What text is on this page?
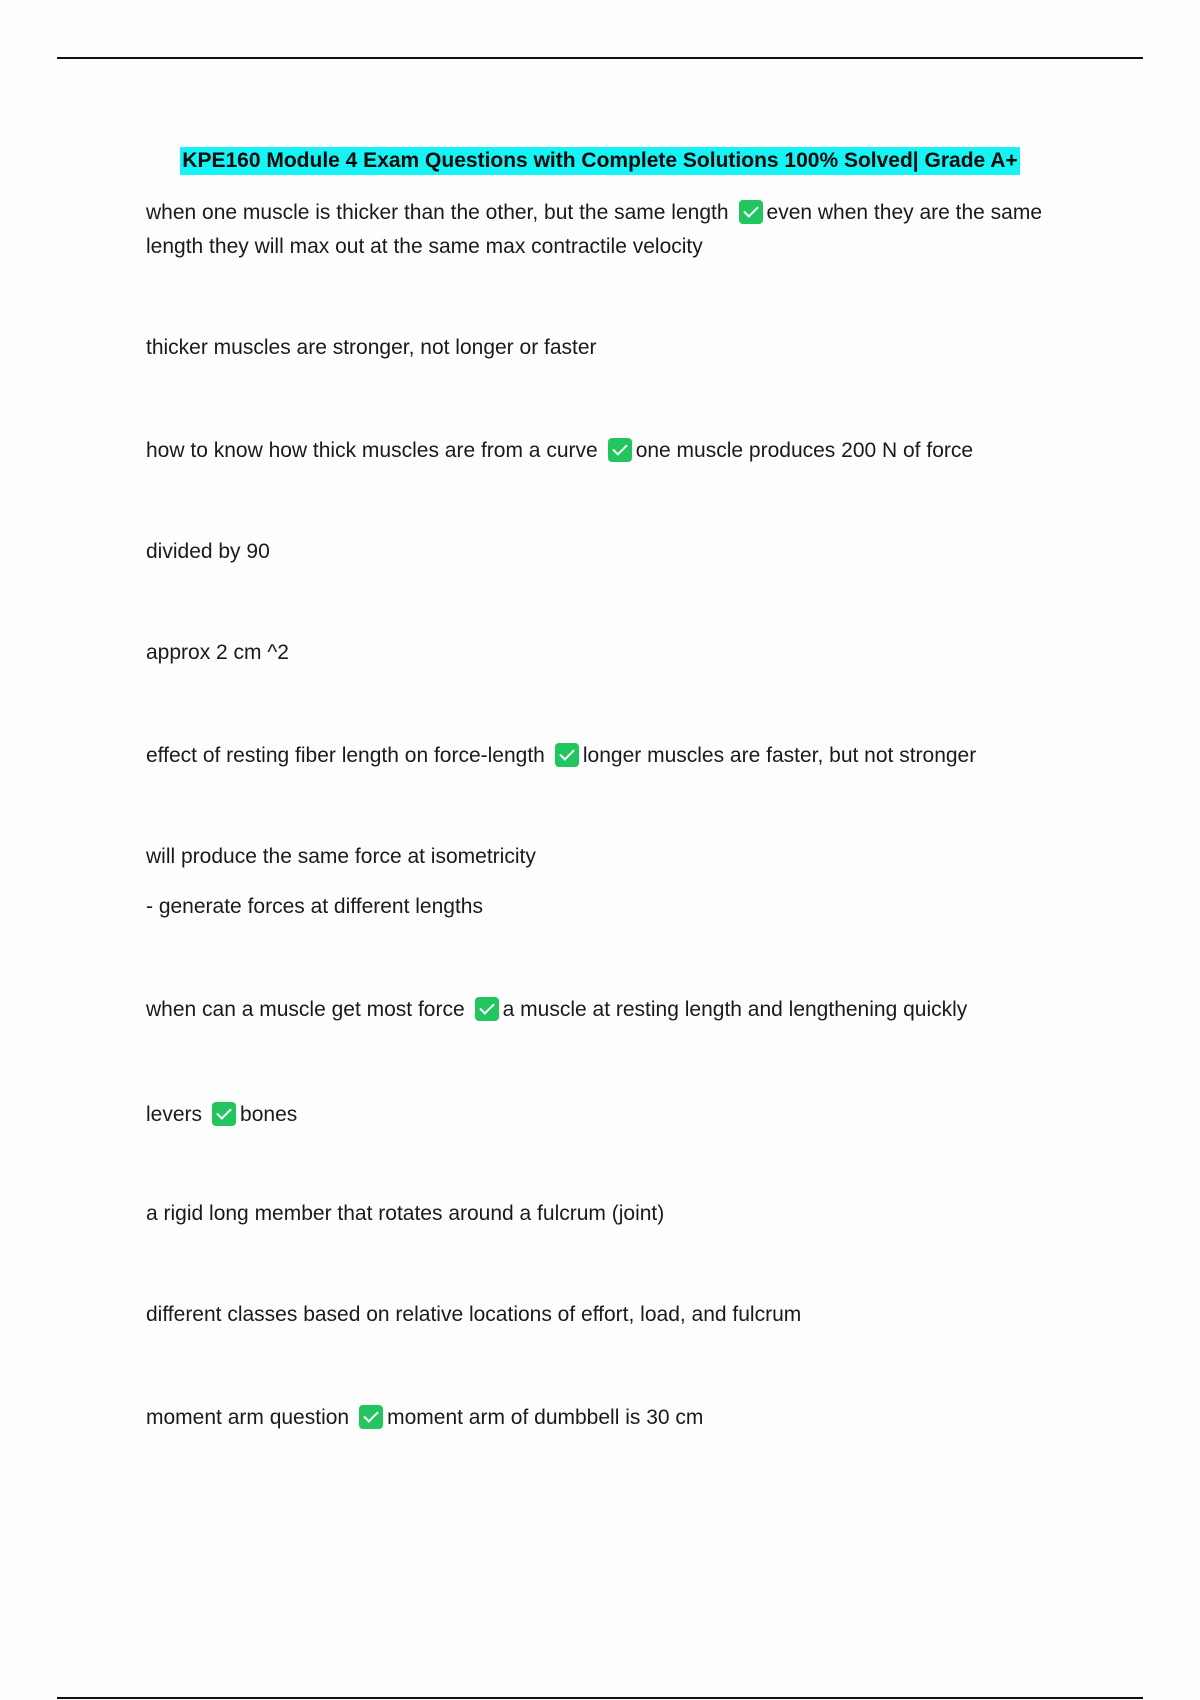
KPE160 Module 4 Exam Questions with Complete Solutions 100% Solved| Grade A+
when one muscle is thicker than the other, but the same length even when they are the same length they will max out at the same max contractile velocity
thicker muscles are stronger, not longer or faster
how to know how thick muscles are from a curve one muscle produces 200 N of force
divided by 90
approx 2 cm ^2
effect of resting fiber length on force-length longer muscles are faster, but not stronger
will produce the same force at isometricity
- generate forces at different lengths
when can a muscle get most force a muscle at resting length and lengthening quickly
levers bones
a rigid long member that rotates around a fulcrum (joint)
different classes based on relative locations of effort, load, and fulcrum
moment arm question moment arm of dumbbell is 30 cm
